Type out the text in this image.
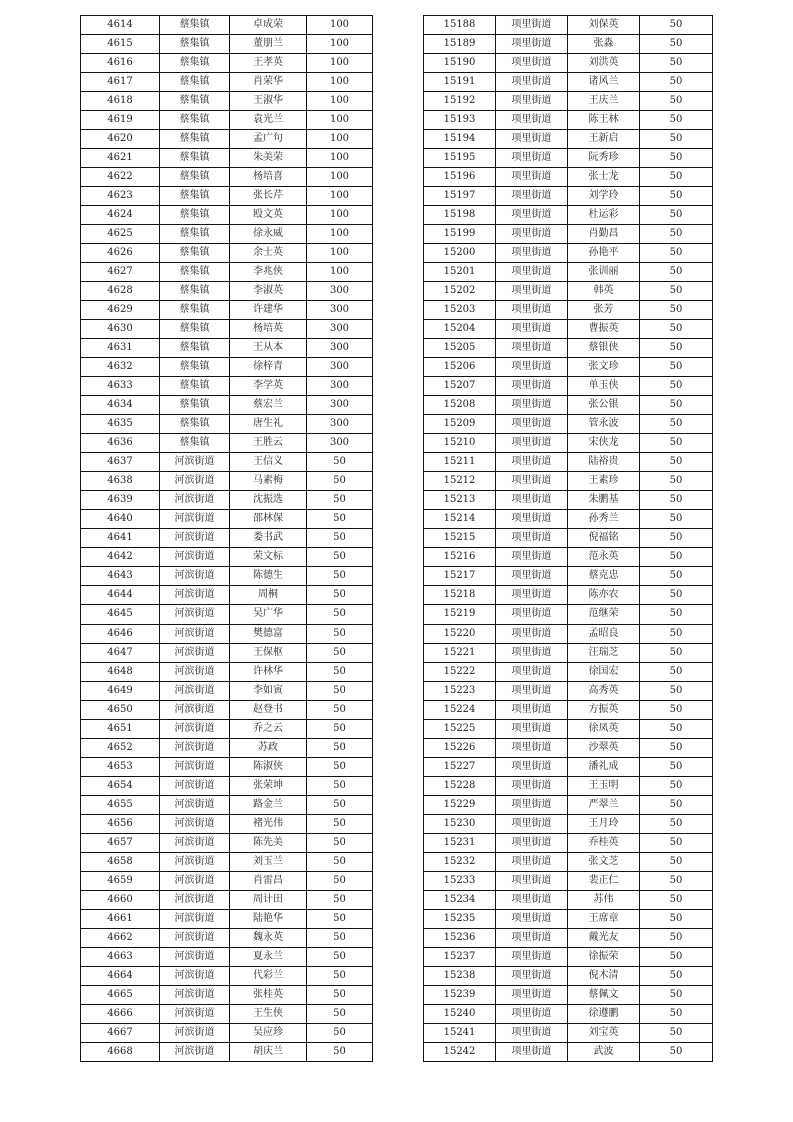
4614	蔡集镇	卓成荣	100
4615	蔡集镇	董朋兰	100
4616	蔡集镇	王孝英	100
4617	蔡集镇	肖荣华	100
4618	蔡集镇	王淑华	100
4619	蔡集镇	袁光兰	100
4620	蔡集镇	孟广句	100
4621	蔡集镇	朱美荣	100
4622	蔡集镇	杨培喜	100
4623	蔡集镇	张长芹	100
4624	蔡集镇	殴文英	100
4625	蔡集镇	徐永威	100
4626	蔡集镇	余士英	100
4627	蔡集镇	李兆侠	100
4628	蔡集镇	李淑英	300
4629	蔡集镇	许建华	300
4630	蔡集镇	杨培英	300
4631	蔡集镇	王从本	300
4632	蔡集镇	徐梓青	300
4633	蔡集镇	李学英	300
4634	蔡集镇	蔡宏兰	300
4635	蔡集镇	唐生礼	300
4636	蔡集镇	王胜云	300
4637	河滨街道	王信义	50
4638	河滨街道	马素梅	50
4639	河滨街道	沈振选	50
4640	河滨街道	邵林保	50
4641	河滨街道	娄书武	50
4642	河滨街道	荣文标	50
4643	河滨街道	陈德生	50
4644	河滨街道	周桐	50
4645	河滨街道	吴广华	50
4646	河滨街道	樊德富	50
4647	河滨街道	王保枢	50
4648	河滨街道	许林华	50
4649	河滨街道	李如寅	50
4650	河滨街道	赵登书	50
4651	河滨街道	乔之云	50
4652	河滨街道	苏政	50
4653	河滨街道	陈淑侠	50
4654	河滨街道	张荣坤	50
4655	河滨街道	路金兰	50
4656	河滨街道	褚光伟	50
4657	河滨街道	陈先美	50
4658	河滨街道	刘玉兰	50
4659	河滨街道	肖雷昌	50
4660	河滨街道	周计田	50
4661	河滨街道	陆艳华	50
4662	河滨街道	魏永英	50
4663	河滨街道	夏永兰	50
4664	河滨街道	代彩兰	50
4665	河滨街道	张桂英	50
4666	河滨街道	王生侠	50
4667	河滨街道	吴应珍	50
4668	河滨街道	胡庆兰	50
15188	项里街道	刘保英	50
15189	项里街道	张淼	50
15190	项里街道	刘洪英	50
15191	项里街道	诸风兰	50
15192	项里街道	王庆兰	50
15193	项里街道	陈王林	50
15194	项里街道	王新启	50
15195	项里街道	阮秀珍	50
15196	项里街道	张士龙	50
15197	项里街道	刘学玲	50
15198	项里街道	杜运彩	50
15199	项里街道	肖勤昌	50
15200	项里街道	孙艳平	50
15201	项里街道	张训丽	50
15202	项里街道	韩英	50
15203	项里街道	张芳	50
15204	项里街道	曹振英	50
15205	项里街道	蔡银侠	50
15206	项里街道	张文珍	50
15207	项里街道	单玉侠	50
15208	项里街道	张公银	50
15209	项里街道	管永波	50
15210	项里街道	宋侠龙	50
15211	项里街道	陆裕贵	50
15212	项里街道	王素珍	50
15213	项里街道	朱鹏基	50
15214	项里街道	孙秀兰	50
15215	项里街道	倪福铭	50
15216	项里街道	范永英	50
15217	项里街道	蔡克忠	50
15218	项里街道	陈亦农	50
15219	项里街道	范继荣	50
15220	项里街道	孟昭良	50
15221	项里街道	汪瑞芝	50
15222	项里街道	徐国宏	50
15223	项里街道	高秀英	50
15224	项里街道	方振英	50
15225	项里街道	徐凤英	50
15226	项里街道	沙翠英	50
15227	项里街道	潘礼成	50
15228	项里街道	王玉明	50
15229	项里街道	严翠兰	50
15230	项里街道	王月玲	50
15231	项里街道	乔桂英	50
15232	项里街道	张文芝	50
15233	项里街道	裴正仁	50
15234	项里街道	苏伟	50
15235	项里街道	王席章	50
15236	项里街道	戴光友	50
15237	项里街道	徐振荣	50
15238	项里街道	倪木清	50
15239	项里街道	蔡佩文	50
15240	项里街道	徐遵鹏	50
15241	项里街道	刘宝英	50
15242	项里街道	武波	50
